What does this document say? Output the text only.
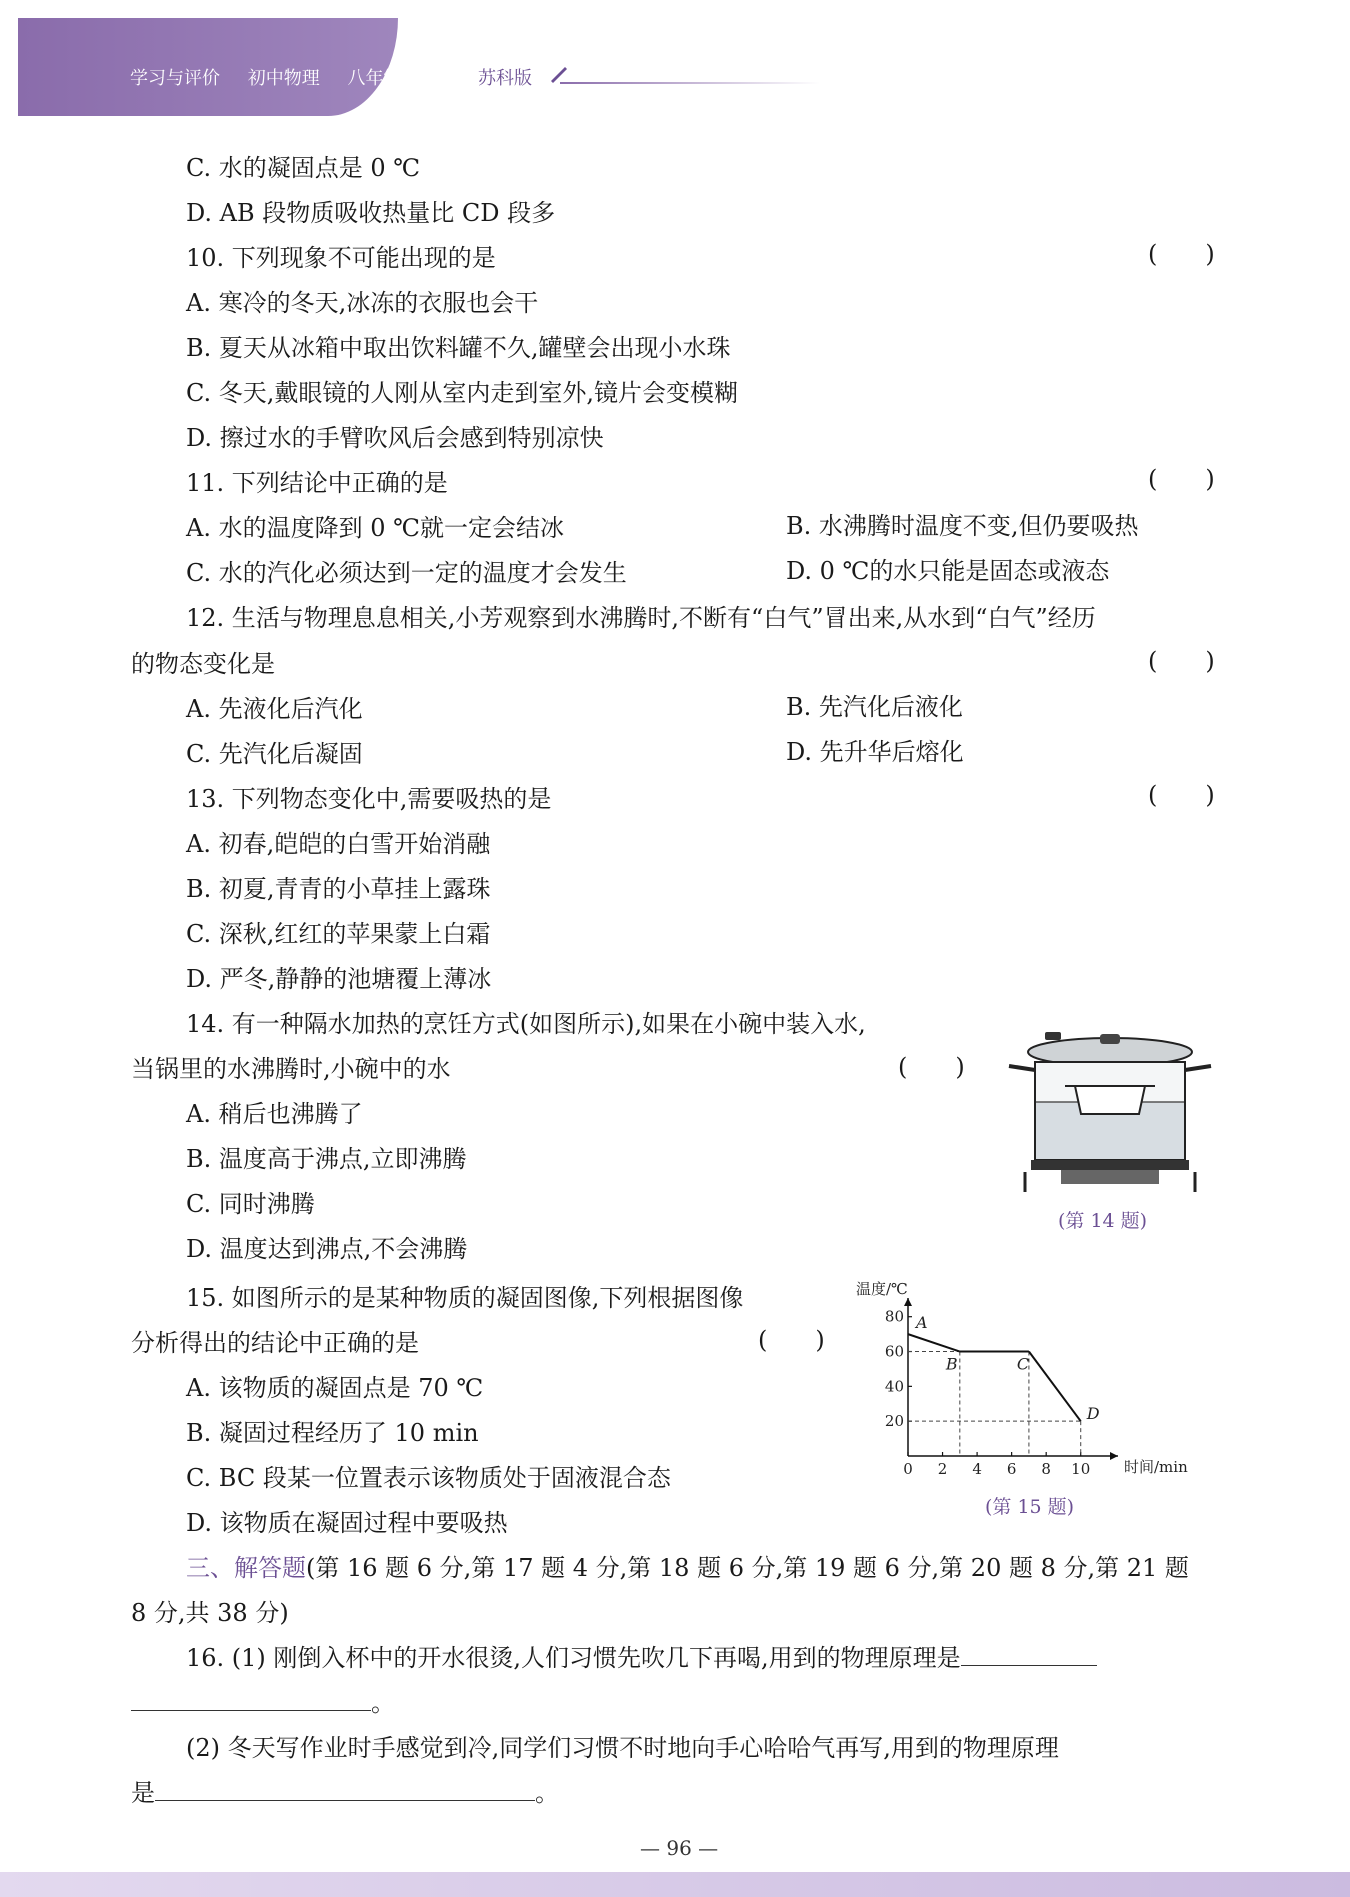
学习与评价 初中物理 八年级上册	苏科版
C. 水的凝固点是 0 ℃
D. AB 段物质吸收热量比 CD 段多
10. 下列现象不可能出现的是	(　　)
A. 寒冷的冬天,冰冻的衣服也会干
B. 夏天从冰箱中取出饮料罐不久,罐壁会出现小水珠
C. 冬天,戴眼镜的人刚从室内走到室外,镜片会变模糊
D. 擦过水的手臂吹风后会感到特别凉快
11. 下列结论中正确的是	(　　)
A. 水的温度降到 0 ℃就一定会结冰	B. 水沸腾时温度不变,但仍要吸热
C. 水的汽化必须达到一定的温度才会发生	D. 0 ℃的水只能是固态或液态
12. 生活与物理息息相关,小芳观察到水沸腾时,不断有“白气”冒出来,从水到“白气”经历
的物态变化是	(　　)
A. 先液化后汽化	B. 先汽化后液化
C. 先汽化后凝固	D. 先升华后熔化
13. 下列物态变化中,需要吸热的是	(　　)
A. 初春,皑皑的白雪开始消融
B. 初夏,青青的小草挂上露珠
C. 深秋,红红的苹果蒙上白霜
D. 严冬,静静的池塘覆上薄冰
14. 有一种隔水加热的烹饪方式(如图所示),如果在小碗中装入水,
当锅里的水沸腾时,小碗中的水	(　　)
A. 稍后也沸腾了
B. 温度高于沸点,立即沸腾
C. 同时沸腾
D. 温度达到沸点,不会沸腾
(第 14 题)
15. 如图所示的是某种物质的凝固图像,下列根据图像
分析得出的结论中正确的是	(　　)
A. 该物质的凝固点是 70 ℃
B. 凝固过程经历了 10 min
C. BC 段某一位置表示该物质处于固液混合态
D. 该物质在凝固过程中要吸热
温度/℃
时间/min
0 2 4 6 8 10
20
40
60
80 A
B	C
D
(第 15 题)
三、解答题(第 16 题 6 分,第 17 题 4 分,第 18 题 6 分,第 19 题 6 分,第 20 题 8 分,第 21 题
8 分,共 38 分)
16. (1) 刚倒入杯中的开水很烫,人们习惯先吹几下再喝,用到的物理原理是
。
(2) 冬天写作业时手感觉到冷,同学们习惯不时地向手心哈哈气再写,用到的物理原理
是	。
— 96 —
